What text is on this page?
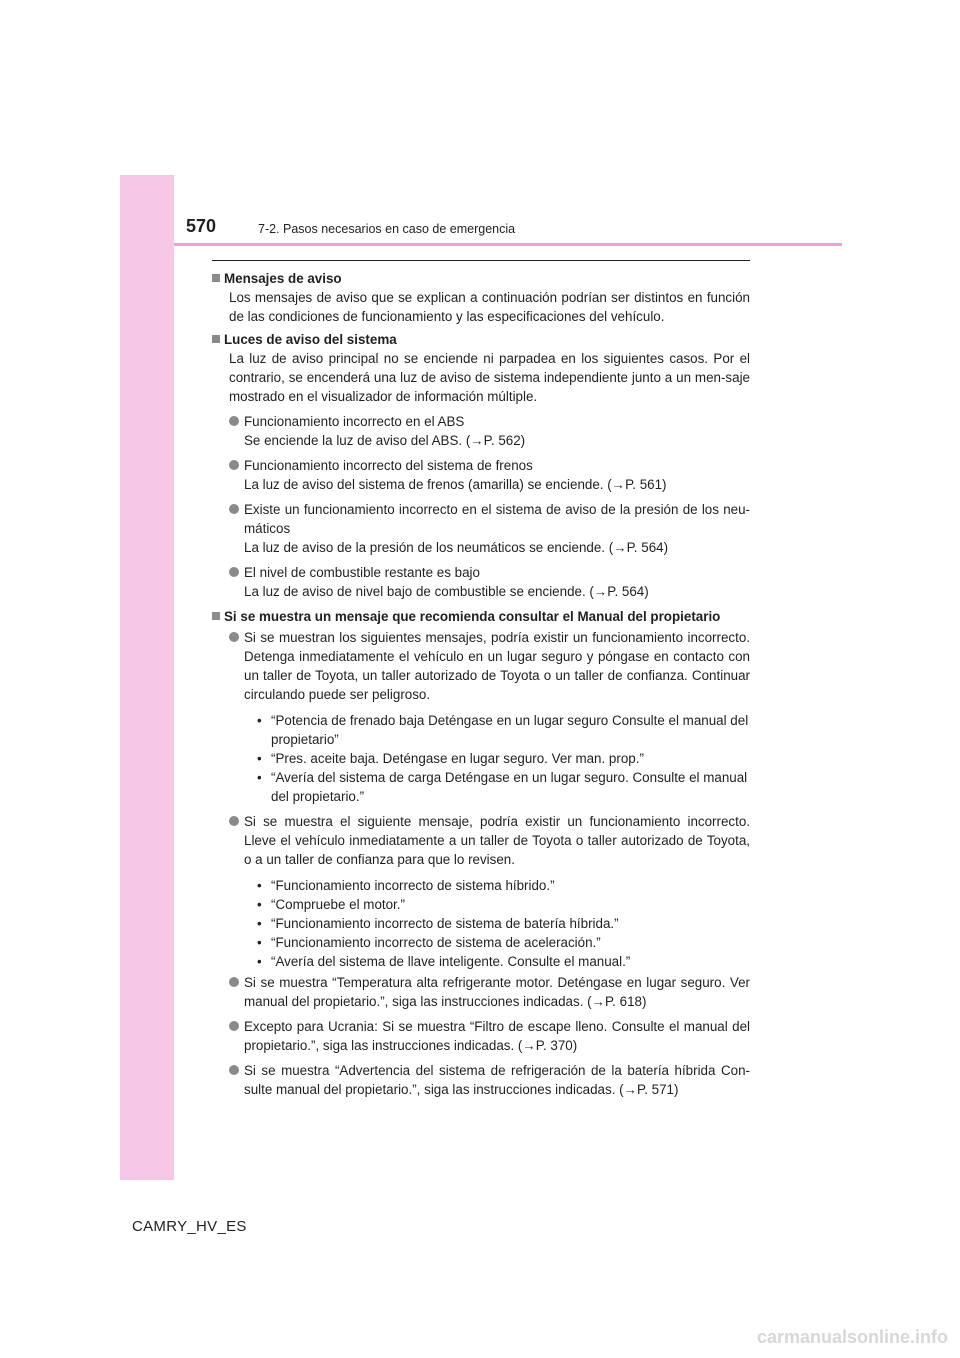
570	7-2. Pasos necesarios en caso de emergencia
Mensajes de aviso
Los mensajes de aviso que se explican a continuación podrían ser distintos en función de las condiciones de funcionamiento y las especificaciones del vehículo.
Luces de aviso del sistema
La luz de aviso principal no se enciende ni parpadea en los siguientes casos. Por el contrario, se encenderá una luz de aviso de sistema independiente junto a un men-saje mostrado en el visualizador de información múltiple.
Funcionamiento incorrecto en el ABS
Se enciende la luz de aviso del ABS. (→P. 562)
Funcionamiento incorrecto del sistema de frenos
La luz de aviso del sistema de frenos (amarilla) se enciende. (→P. 561)
Existe un funcionamiento incorrecto en el sistema de aviso de la presión de los neu-máticos
La luz de aviso de la presión de los neumáticos se enciende. (→P. 564)
El nivel de combustible restante es bajo
La luz de aviso de nivel bajo de combustible se enciende. (→P. 564)
Si se muestra un mensaje que recomienda consultar el Manual del propietario
Si se muestran los siguientes mensajes, podría existir un funcionamiento incorrecto. Detenga inmediatamente el vehículo en un lugar seguro y póngase en contacto con un taller de Toyota, un taller autorizado de Toyota o un taller de confianza. Continuar circulando puede ser peligroso.
• “Potencia de frenado baja Deténgase en un lugar seguro Consulte el manual del propietario”
• “Pres. aceite baja. Deténgase en lugar seguro. Ver man. prop.”
• “Avería del sistema de carga Deténgase en un lugar seguro. Consulte el manual del propietario.”
Si se muestra el siguiente mensaje, podría existir un funcionamiento incorrecto. Lleve el vehículo inmediatamente a un taller de Toyota o taller autorizado de Toyota, o a un taller de confianza para que lo revisen.
• “Funcionamiento incorrecto de sistema híbrido.”
• “Compruebe el motor.”
• “Funcionamiento incorrecto de sistema de batería híbrida.”
• “Funcionamiento incorrecto de sistema de aceleración.”
• “Avería del sistema de llave inteligente. Consulte el manual.”
Si se muestra “Temperatura alta refrigerante motor. Deténgase en lugar seguro. Ver manual del propietario.”, siga las instrucciones indicadas. (→P. 618)
Excepto para Ucrania: Si se muestra “Filtro de escape lleno. Consulte el manual del propietario.”, siga las instrucciones indicadas. (→P. 370)
Si se muestra “Advertencia del sistema de refrigeración de la batería híbrida Con-sulte manual del propietario.”, siga las instrucciones indicadas. (→P. 571)
CAMRY_HV_ES
carmanualsonline.info
